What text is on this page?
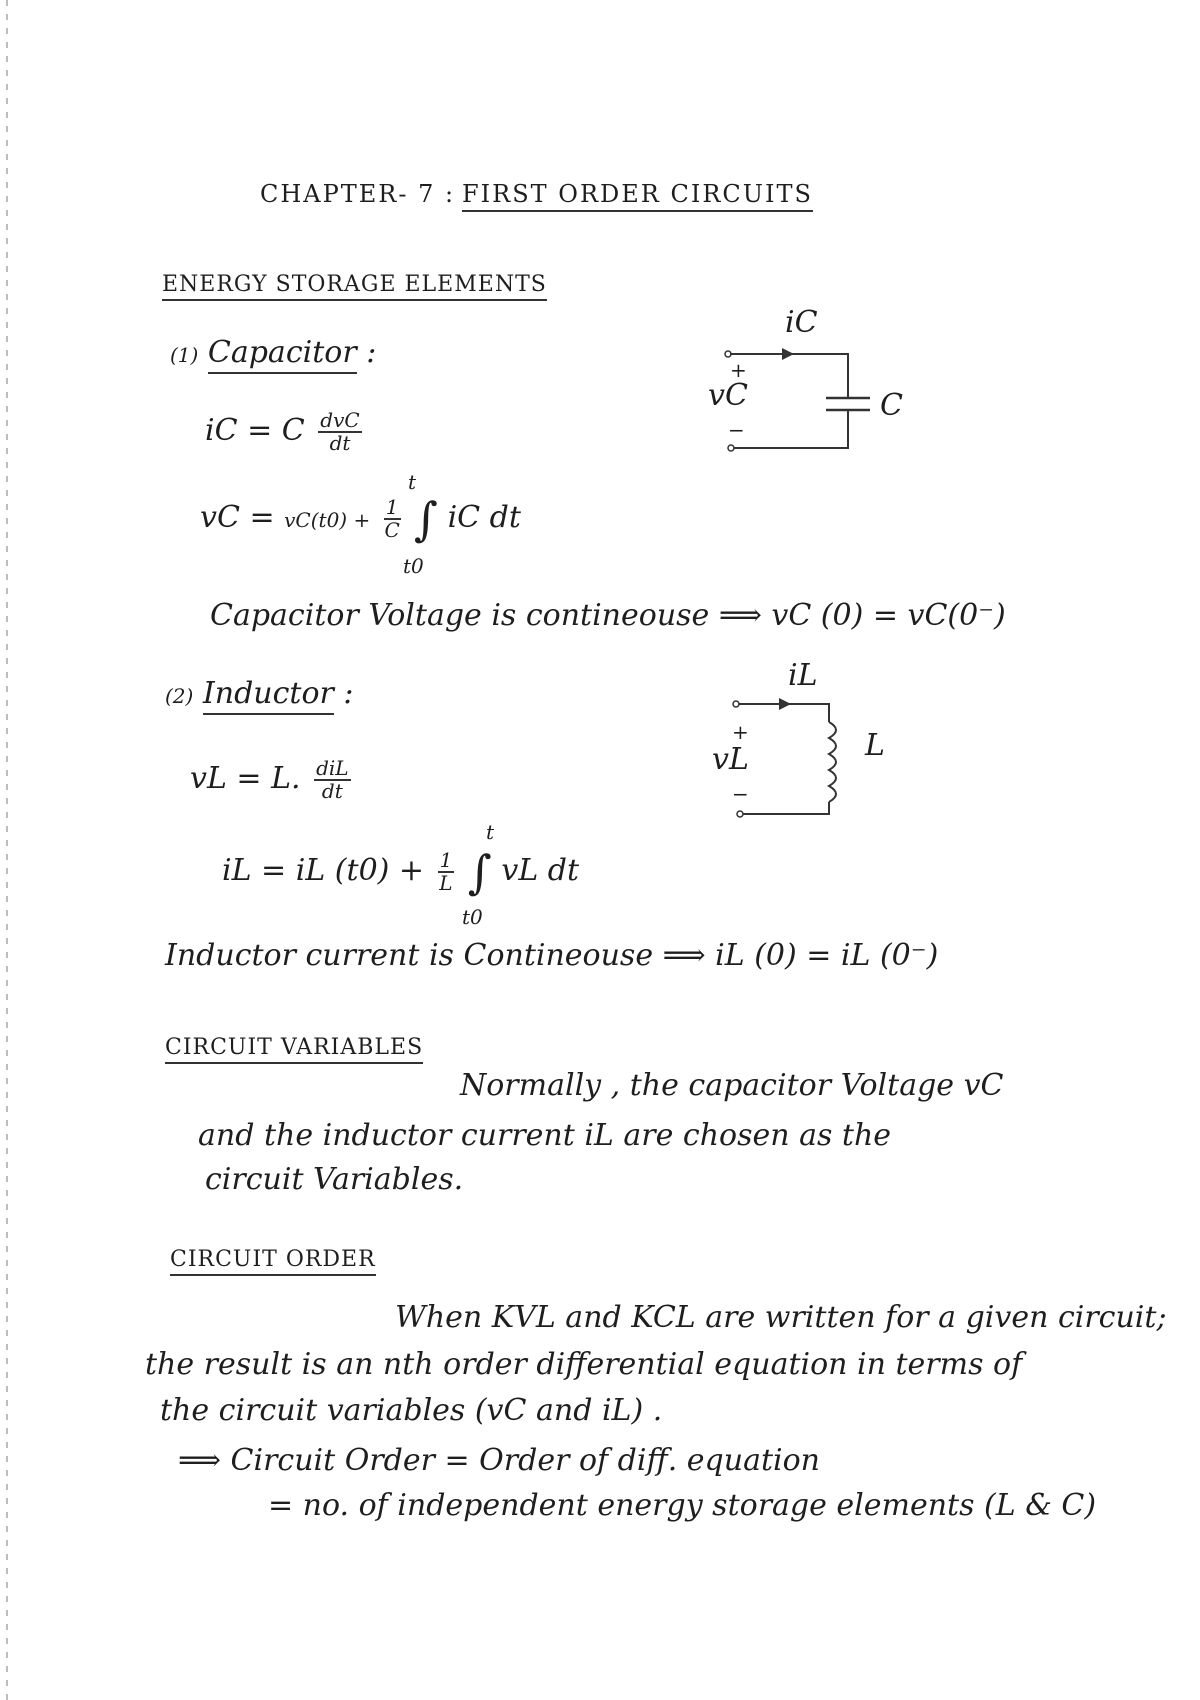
CHAPTER- 7 : FIRST ORDER CIRCUITS
ENERGY STORAGE ELEMENTS
(1) Capacitor :
iC = C $\frac{\text{dvC}}{dt}$
vC = $vC(t0) + \frac{1}{C}$ ∫ iC dt
t
t0
Capacitor Voltage is contineouse ⟹ vC (0) = vC(0⁻)
iC
+
vC
−
C
(2) Inductor :
vL = L. $\frac{\text{diL}}{dt}$
iL = iL $(t0) + \frac{1}{L}$ ∫ vL dt
t
t0
Inductor current is Contineouse ⟹ iL (0) = iL (0⁻)
iL
+
vL
−
L
CIRCUIT VARIABLES
Normally , the capacitor Voltage vC
and the inductor current iL are chosen as the
circuit Variables.
CIRCUIT ORDER
When KVL and KCL are written for a given circuit;
the result is an nth order differential equation in terms of
the circuit variables (vC and iL) .
⟹ Circuit Order = Order of diff. equation
= no. of independent energy storage elements (L & C)
